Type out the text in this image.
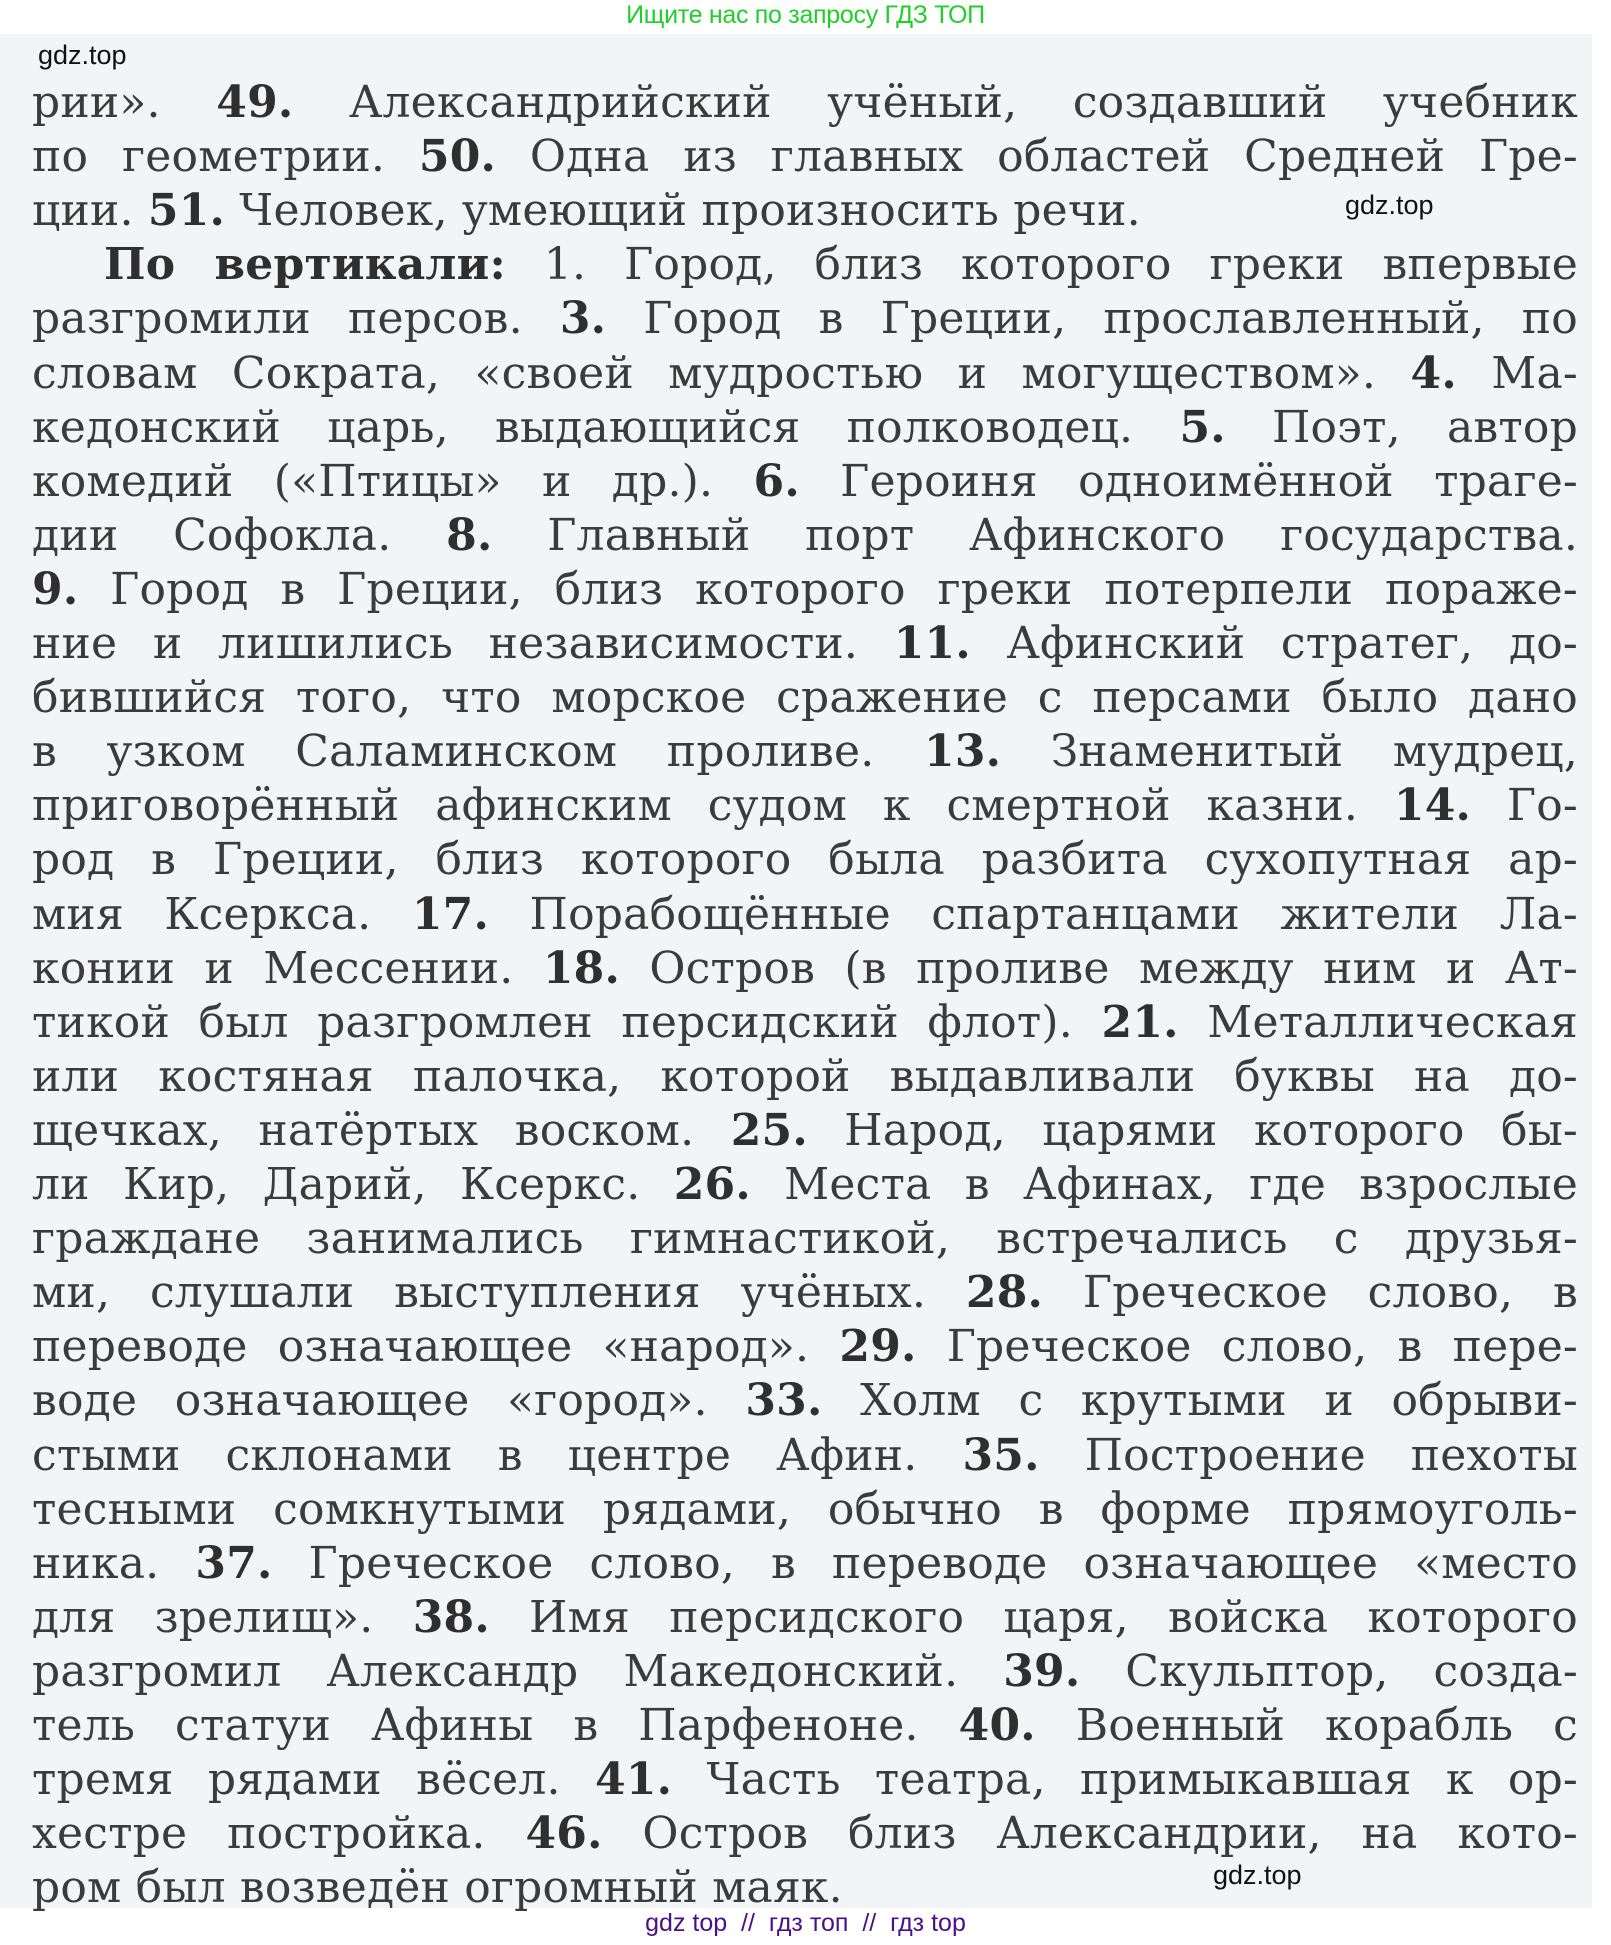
рии». 49. Александрийский учёный, создавший учебник
по геометрии. 50. Одна из главных областей Средней Гре-
ции. 51. Человек, умеющий произносить речи.
По вертикали: 1. Город, близ которого греки впервые
разгромили персов. 3. Город в Греции, прославленный, по
словам Сократа, «своей мудростью и могуществом». 4. Ма-
кедонский царь, выдающийся полководец. 5. Поэт, автор
комедий («Птицы» и др.). 6. Героиня одноимённой траге-
дии Софокла. 8. Главный порт Афинского государства.
9. Город в Греции, близ которого греки потерпели пораже-
ние и лишились независимости. 11. Афинский стратег, до-
бившийся того, что морское сражение с персами было дано
в узком Саламинском проливе. 13. Знаменитый мудрец,
приговорённый афинским судом к смертной казни. 14. Го-
род в Греции, близ которого была разбита сухопутная ар-
мия Ксеркса. 17. Порабощённые спартанцами жители Ла-
конии и Мессении. 18. Остров (в проливе между ним и Ат-
тикой был разгромлен персидский флот). 21. Металлическая
или костяная палочка, которой выдавливали буквы на до-
щечках, натёртых воском. 25. Народ, царями которого бы-
ли Кир, Дарий, Ксеркс. 26. Места в Афинах, где взрослые
граждане занимались гимнастикой, встречались с друзья-
ми, слушали выступления учёных. 28. Греческое слово, в
переводе означающее «народ». 29. Греческое слово, в пере-
воде означающее «город». 33. Холм с крутыми и обрыви-
стыми склонами в центре Афин. 35. Построение пехоты
тесными сомкнутыми рядами, обычно в форме прямоуголь-
ника. 37. Греческое слово, в переводе означающее «место
для зрелищ». 38. Имя персидского царя, войска которого
разгромил Александр Македонский. 39. Скульптор, созда-
тель статуи Афины в Парфеноне. 40. Военный корабль с
тремя рядами вёсел. 41. Часть театра, примыкавшая к ор-
хестре постройка. 46. Остров близ Александрии, на кото-
ром был возведён огромный маяк.
Ищите нас по запросу ГДЗ ТОП
gdz.top
gdz.top
gdz.top
gdz top  //  гдз топ  //  гдз top
